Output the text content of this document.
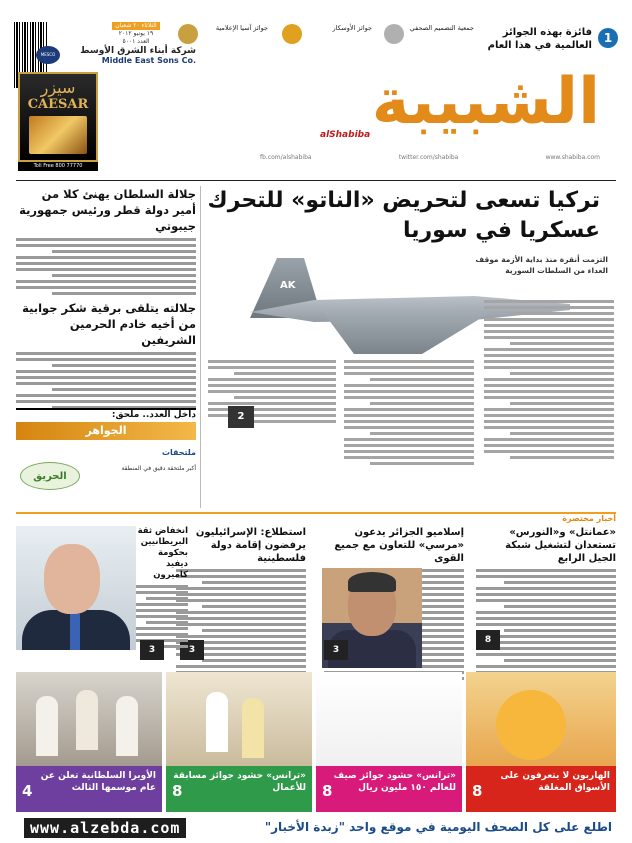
الثلاثاء ٢٠ شعبان
١٩ يونيو ٢٠١٢
العدد ٥٠٠١
جوائز آسيا الإعلامية	جوائز الأوسكار	جمعية التصميم الصحفي	فائزة بهذه الجوائز العالمية في هذا العام
1
MESCO	شركة أبناء الشرق الأوسط
Middle East Sons Co.
سيزر
CAESAR
Toll Free 800 77770
الشبيبة
alShabiba
fb.com/alshabiba	twitter.com/shabiba	www.shabiba.com
تركيا تسعى لتحريض «الناتو» للتحرك عسكريا في سوريا
AK
التزمت أنقرة منذ بداية الأزمة موقف العداء من السلطات السورية
2
جلالة السلطان يهنئ كلا من أمير دولة قطر ورئيس جمهورية جيبوتي
جلالته يتلقى برقية شكر جوابية من أخيه خادم الحرمين الشريفين
داخل العدد.. ملحق:
الجواهر
ملتحقات
الحريق
أكبر ملتحقة دقيق في المنطقة
أخبار مختصرة
«عمانتل» و«النورس» تستعدان لتشغيل شبكة الجيل الرابع
8
إسلاميو الجزائر يدعون «مرسي» للتعاون مع جميع القوى
3
استطلاع: الإسرائيليون يرفضون إقامة دولة فلسطينية
3
انخفاض ثقة البريطانيين بحكومة ديفيد كاميرون
3
الأوبرا السلطانية تعلن عن عام موسمها الثالث
4
«ترانس» حشود جوائز مسابقة للأعمال
8
«ترانس» حشود جوائز صيف للعالم ١٥٠ مليون ريال
8
الهاربون لا يتعرفون على الأسواق المغلقة
8
www.alzebda.com	اطلع على كل الصحف اليومية في موقع واحد "زبدة الأخبار"
